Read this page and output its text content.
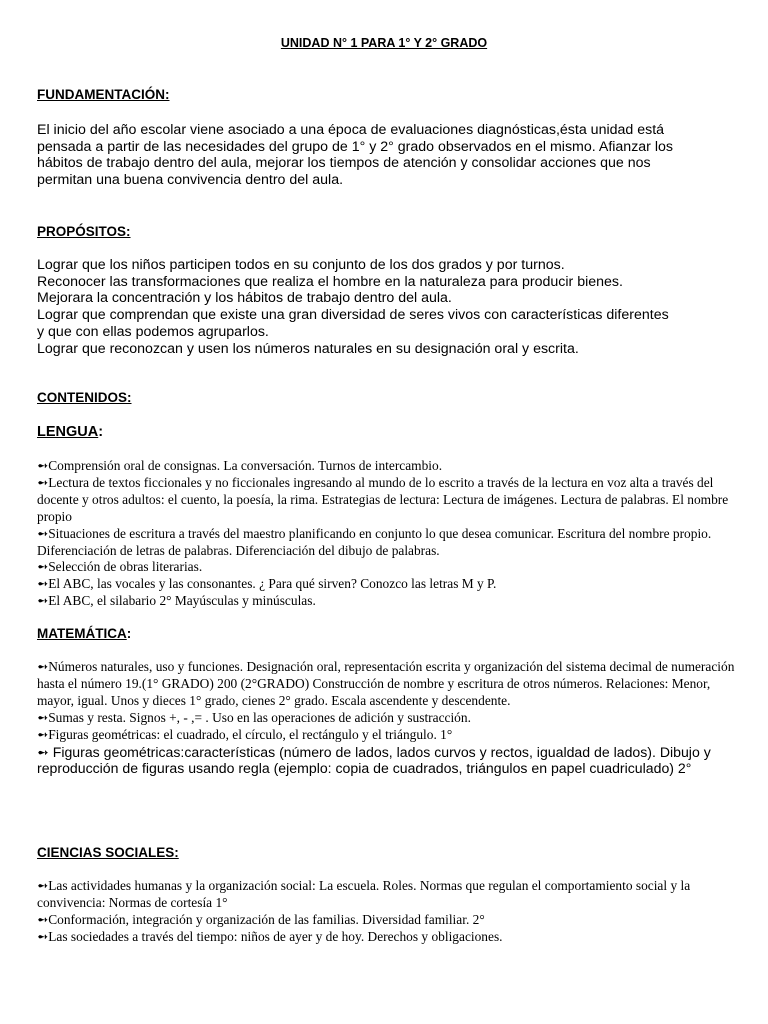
UNIDAD N° 1 PARA 1° Y 2° GRADO
FUNDAMENTACIÓN:
El inicio del año escolar viene asociado a una época de evaluaciones diagnósticas,ésta unidad está
pensada a partir de las necesidades del grupo de 1° y 2° grado observados en el mismo. Afianzar los
hábitos de trabajo dentro del aula, mejorar los tiempos de atención y consolidar acciones que nos
permitan una buena convivencia dentro del aula.
PROPÓSITOS:
Lograr que los niños participen todos en su conjunto de los dos grados y por turnos.
Reconocer las transformaciones que realiza el hombre en la naturaleza para producir bienes.
Mejorara la concentración y los hábitos de trabajo dentro del aula.
Lograr que comprendan que existe una gran diversidad de seres vivos con características diferentes
y que con ellas podemos agruparlos.
Lograr que reconozcan y usen los números naturales en su designación oral y escrita.
CONTENIDOS:
LENGUA:
➻Comprensión oral de consignas. La conversación. Turnos de intercambio.
➻Lectura de textos ficcionales y no ficcionales ingresando al mundo de lo escrito a través de la lectura en voz alta a través del docente y otros adultos: el cuento, la poesía, la rima. Estrategias de lectura: Lectura de imágenes. Lectura de palabras. El nombre propio
➻Situaciones de escritura a través del maestro planificando en conjunto lo que desea comunicar. Escritura del nombre propio. Diferenciación de letras de palabras. Diferenciación del dibujo de palabras.
➻Selección de obras literarias.
➻El ABC, las vocales y las consonantes. ¿ Para qué sirven? Conozco las letras M y P.
➻El ABC, el silabario 2° Mayúsculas y minúsculas.
MATEMÁTICA:
➻Números naturales, uso y funciones. Designación oral, representación escrita y organización del sistema decimal de numeración hasta el número 19.(1° GRADO) 200 (2°GRADO) Construcción de nombre y escritura de otros números. Relaciones: Menor, mayor, igual. Unos y dieces 1° grado, cienes 2° grado. Escala ascendente y descendente.
➻Sumas y resta. Signos +, - ,= . Uso en las operaciones de adición y sustracción.
➻Figuras geométricas: el cuadrado, el círculo, el rectángulo y el triángulo. 1°
➻ Figuras geométricas:características (número de lados, lados curvos y rectos, igualdad de lados). Dibujo y reproducción de figuras usando regla (ejemplo: copia de cuadrados, triángulos en papel cuadriculado) 2°
CIENCIAS SOCIALES:
➻Las actividades humanas y la organización social: La escuela. Roles. Normas que regulan el comportamiento social y la convivencia: Normas de cortesía 1°
➻Conformación, integración y organización de las familias. Diversidad familiar. 2°
➻Las sociedades a través del tiempo: niños de ayer y de hoy. Derechos y obligaciones.
